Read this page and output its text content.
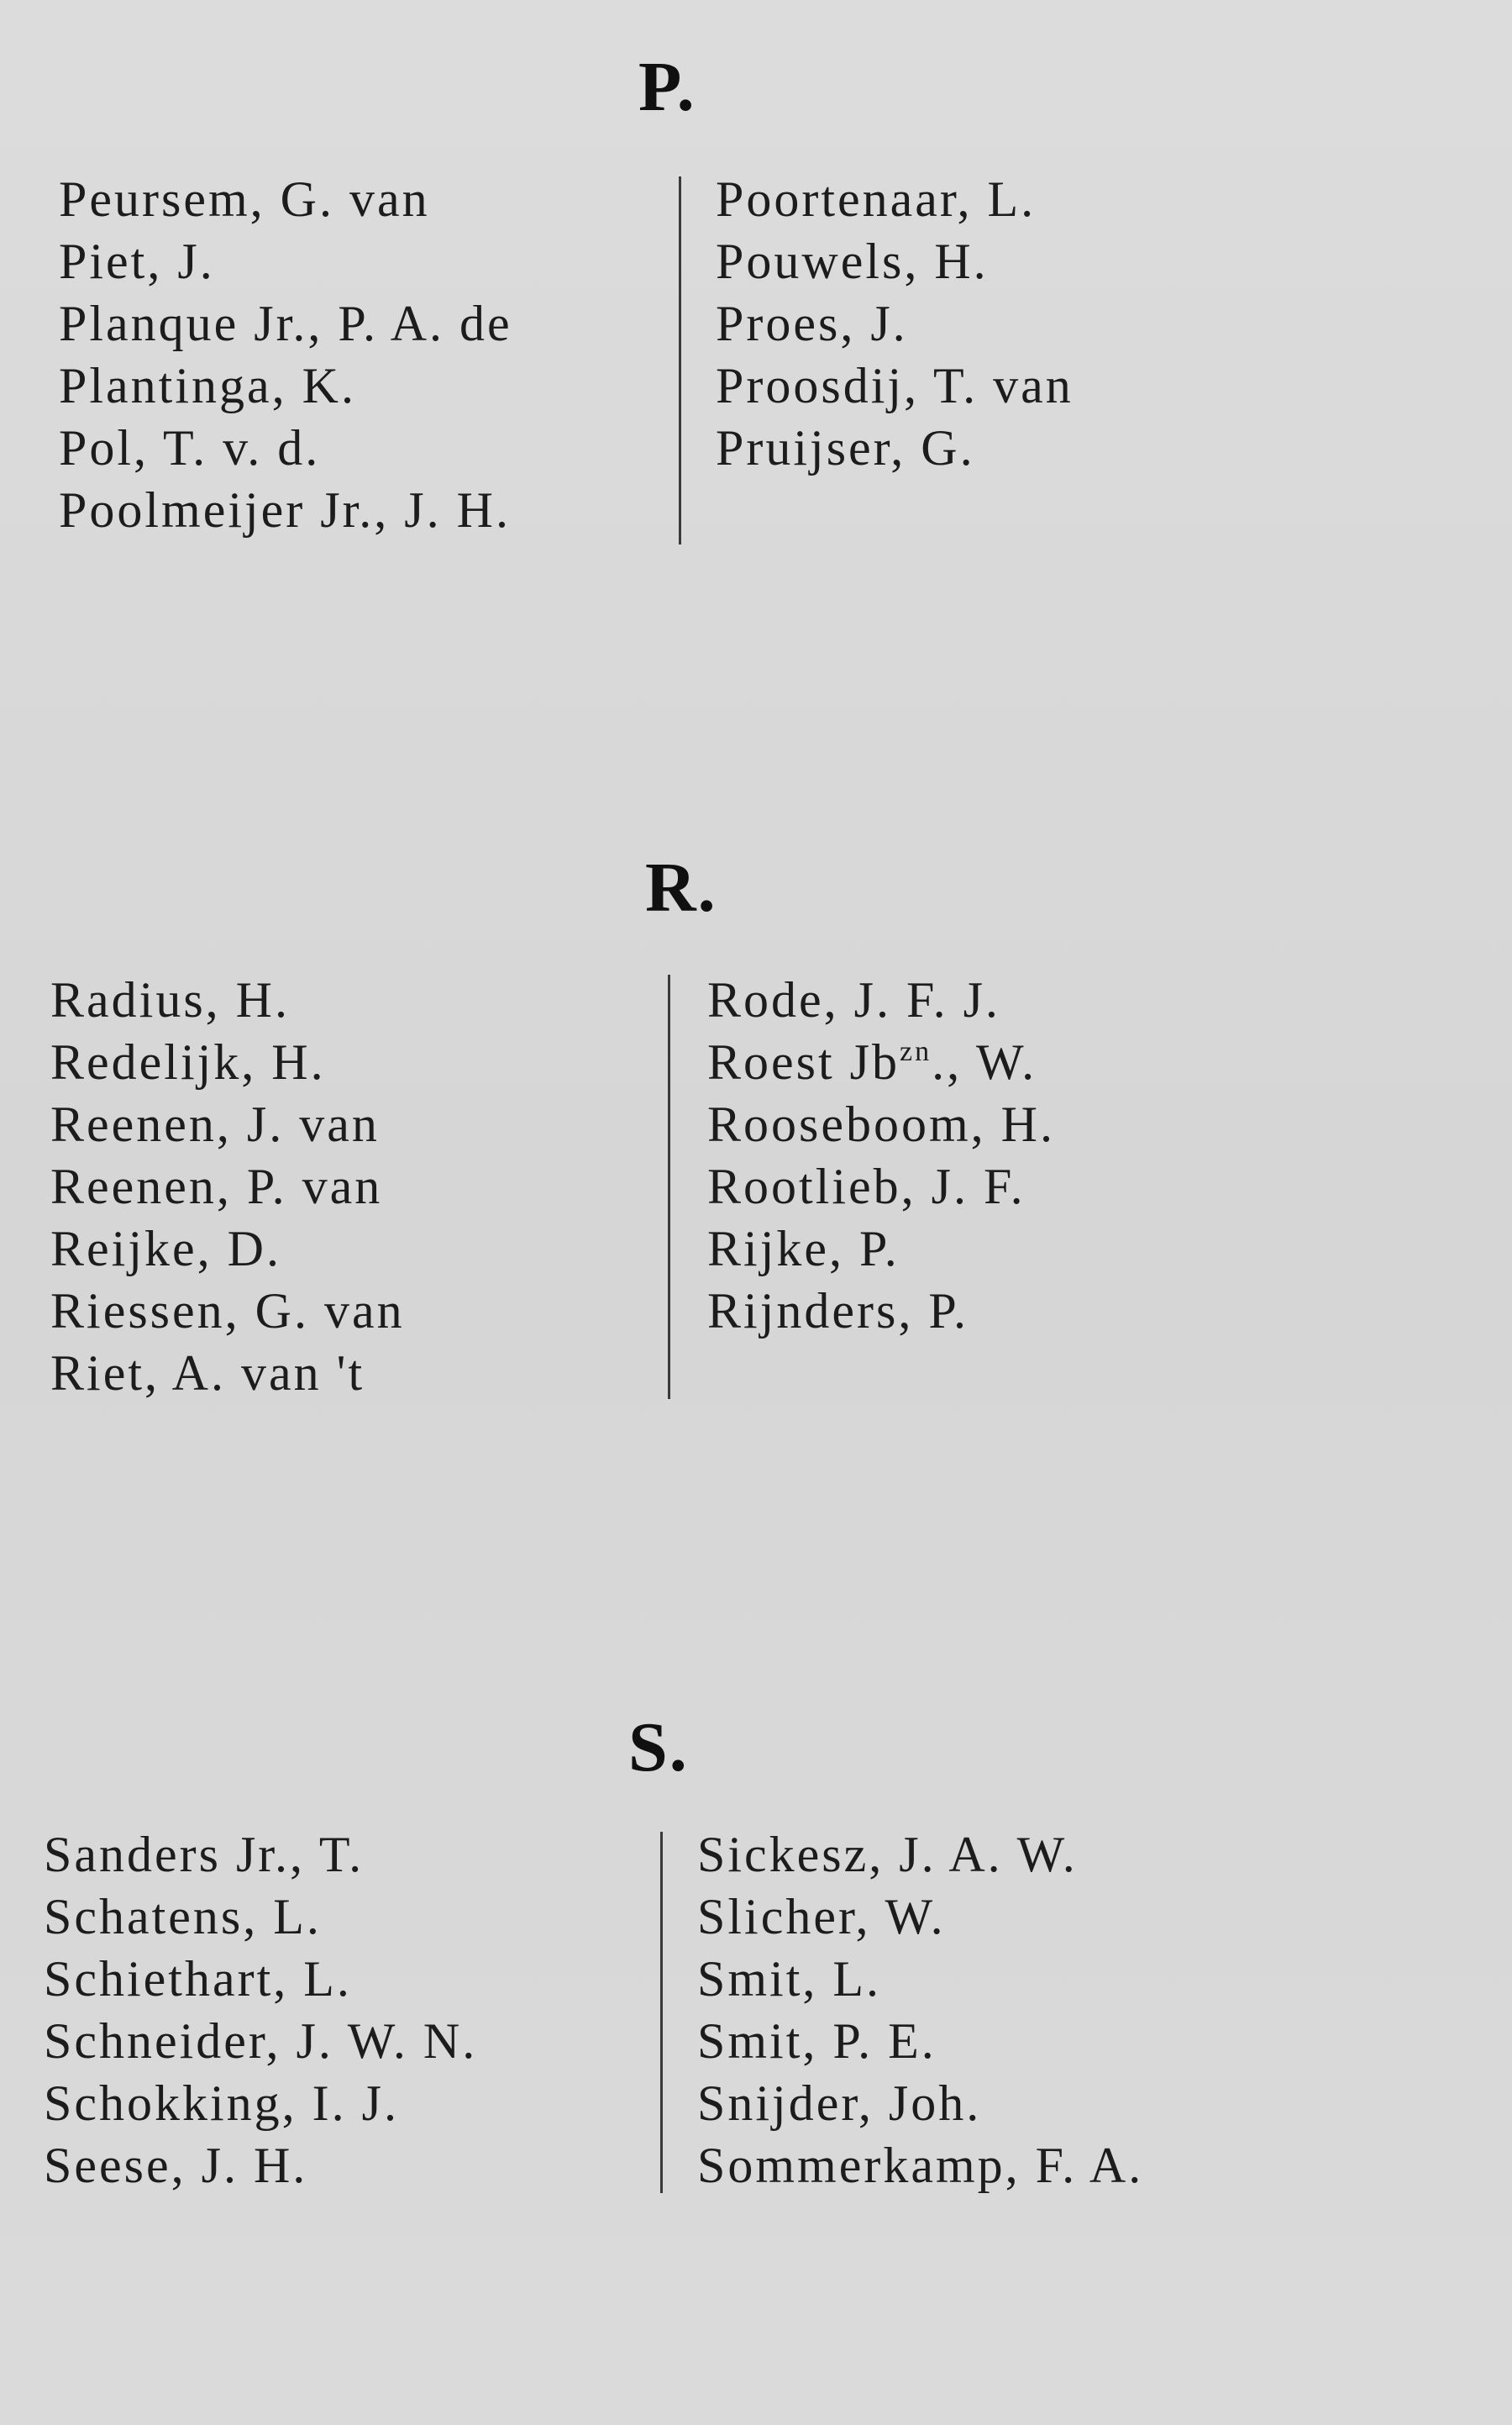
P.
Peursem, G. van
Piet, J.
Planque Jr., P. A. de
Plantinga, K.
Pol, T. v. d.
Poolmeijer Jr., J. H.
Poortenaar, L.
Pouwels, H.
Proes, J.
Proosdij, T. van
Pruijser, G.
R.
Radius, H.
Redelijk, H.
Reenen, J. van
Reenen, P. van
Reijke, D.
Riessen, G. van
Riet, A. van 't
Rode, J. F. J.
Roest $Jb^{zn}$., W.
Rooseboom, H.
Rootlieb, J. F.
Rijke, P.
Rijnders, P.
S.
Sanders Jr., T.
Schatens, L.
Schiethart, L.
Schneider, J. W. N.
Schokking, I. J.
Seese, J. H.
Sickesz, J. A. W.
Slicher, W.
Smit, L.
Smit, P. E.
Snijder, Joh.
Sommerkamp, F. A.
